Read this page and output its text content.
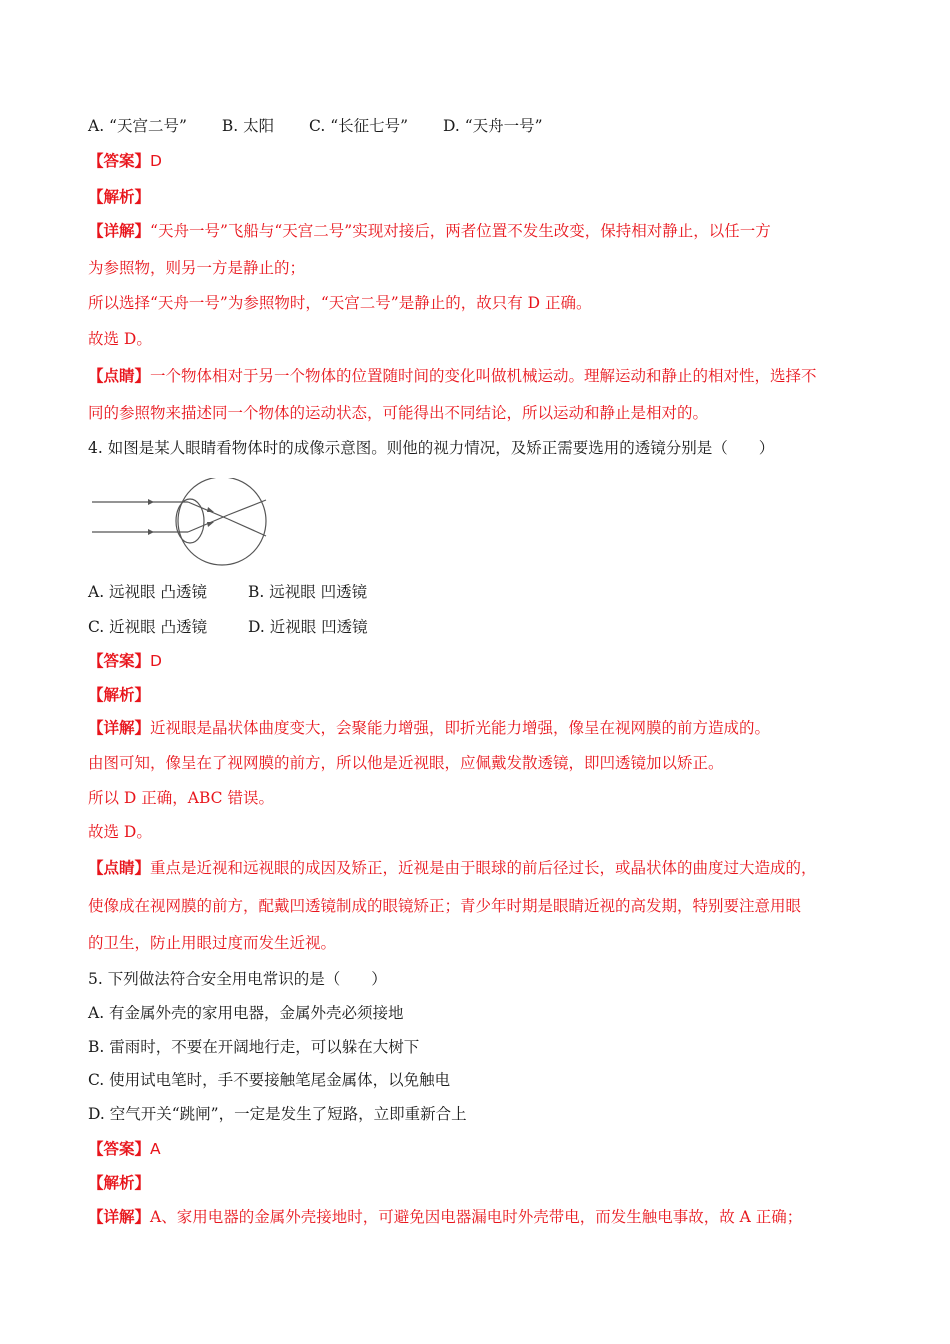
A. “天宫二号” B. 太阳 C. “长征七号” D. “天舟一号”
【答案】D
【解析】
【详解】“天舟一号”飞船与“天宫二号”实现对接后，两者位置不发生改变，保持相对静止，以任一方
为参照物，则另一方是静止的；
所以选择“天舟一号”为参照物时，“天宫二号”是静止的，故只有 D 正确。
故选 D。
【点睛】一个物体相对于另一个物体的位置随时间的变化叫做机械运动。理解运动和静止的相对性，选择不
同的参照物来描述同一个物体的运动状态，可能得出不同结论，所以运动和静止是相对的。
4. 如图是某人眼睛看物体时的成像示意图。则他的视力情况，及矫正需要选用的透镜分别是（　　）
A. 远视眼 凸透镜	B. 远视眼 凹透镜
C. 近视眼 凸透镜	D. 近视眼 凹透镜
【答案】D
【解析】
【详解】近视眼是晶状体曲度变大，会聚能力增强，即折光能力增强，像呈在视网膜的前方造成的。
由图可知，像呈在了视网膜的前方，所以他是近视眼，应佩戴发散透镜，即凹透镜加以矫正。
所以 D 正确，ABC 错误。
故选 D。
【点睛】重点是近视和远视眼的成因及矫正，近视是由于眼球的前后径过长，或晶状体的曲度过大造成的，
使像成在视网膜的前方，配戴凹透镜制成的眼镜矫正；青少年时期是眼睛近视的高发期，特别要注意用眼
的卫生，防止用眼过度而发生近视。
5. 下列做法符合安全用电常识的是（　　）
A. 有金属外壳的家用电器，金属外壳必须接地
B. 雷雨时，不要在开阔地行走，可以躲在大树下
C. 使用试电笔时，手不要接触笔尾金属体，以免触电
D. 空气开关“跳闸”，一定是发生了短路，立即重新合上
【答案】A
【解析】
【详解】A、家用电器的金属外壳接地时，可避免因电器漏电时外壳带电，而发生触电事故，故 A 正确；
